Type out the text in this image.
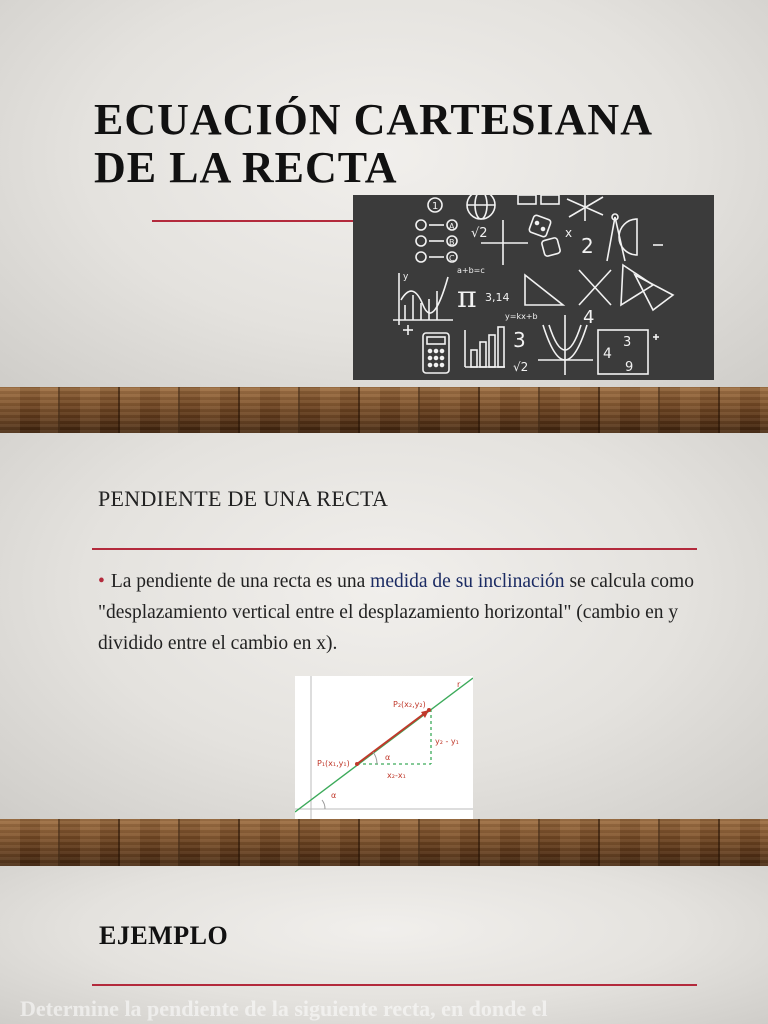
ECUACIÓN CARTESIANA
DE LA RECTA
1
A
B
C
√2
a+b=c
x
2
y
π 3,14
y=kx+b	4
3
√2
4
3
9
PENDIENTE DE UNA RECTA

• La pendiente de una recta es una medida de su inclinación se calcula como "desplazamiento vertical entre el desplazamiento horizontal" (cambio en y dividido entre el cambio en x).

P₂(x₂,y₂)
P₁(x₁,y₁)
r
y₂ - y₁
x₂-x₁
α
α
EJEMPLO

Determine la pendiente de la siguiente recta, en donde el
